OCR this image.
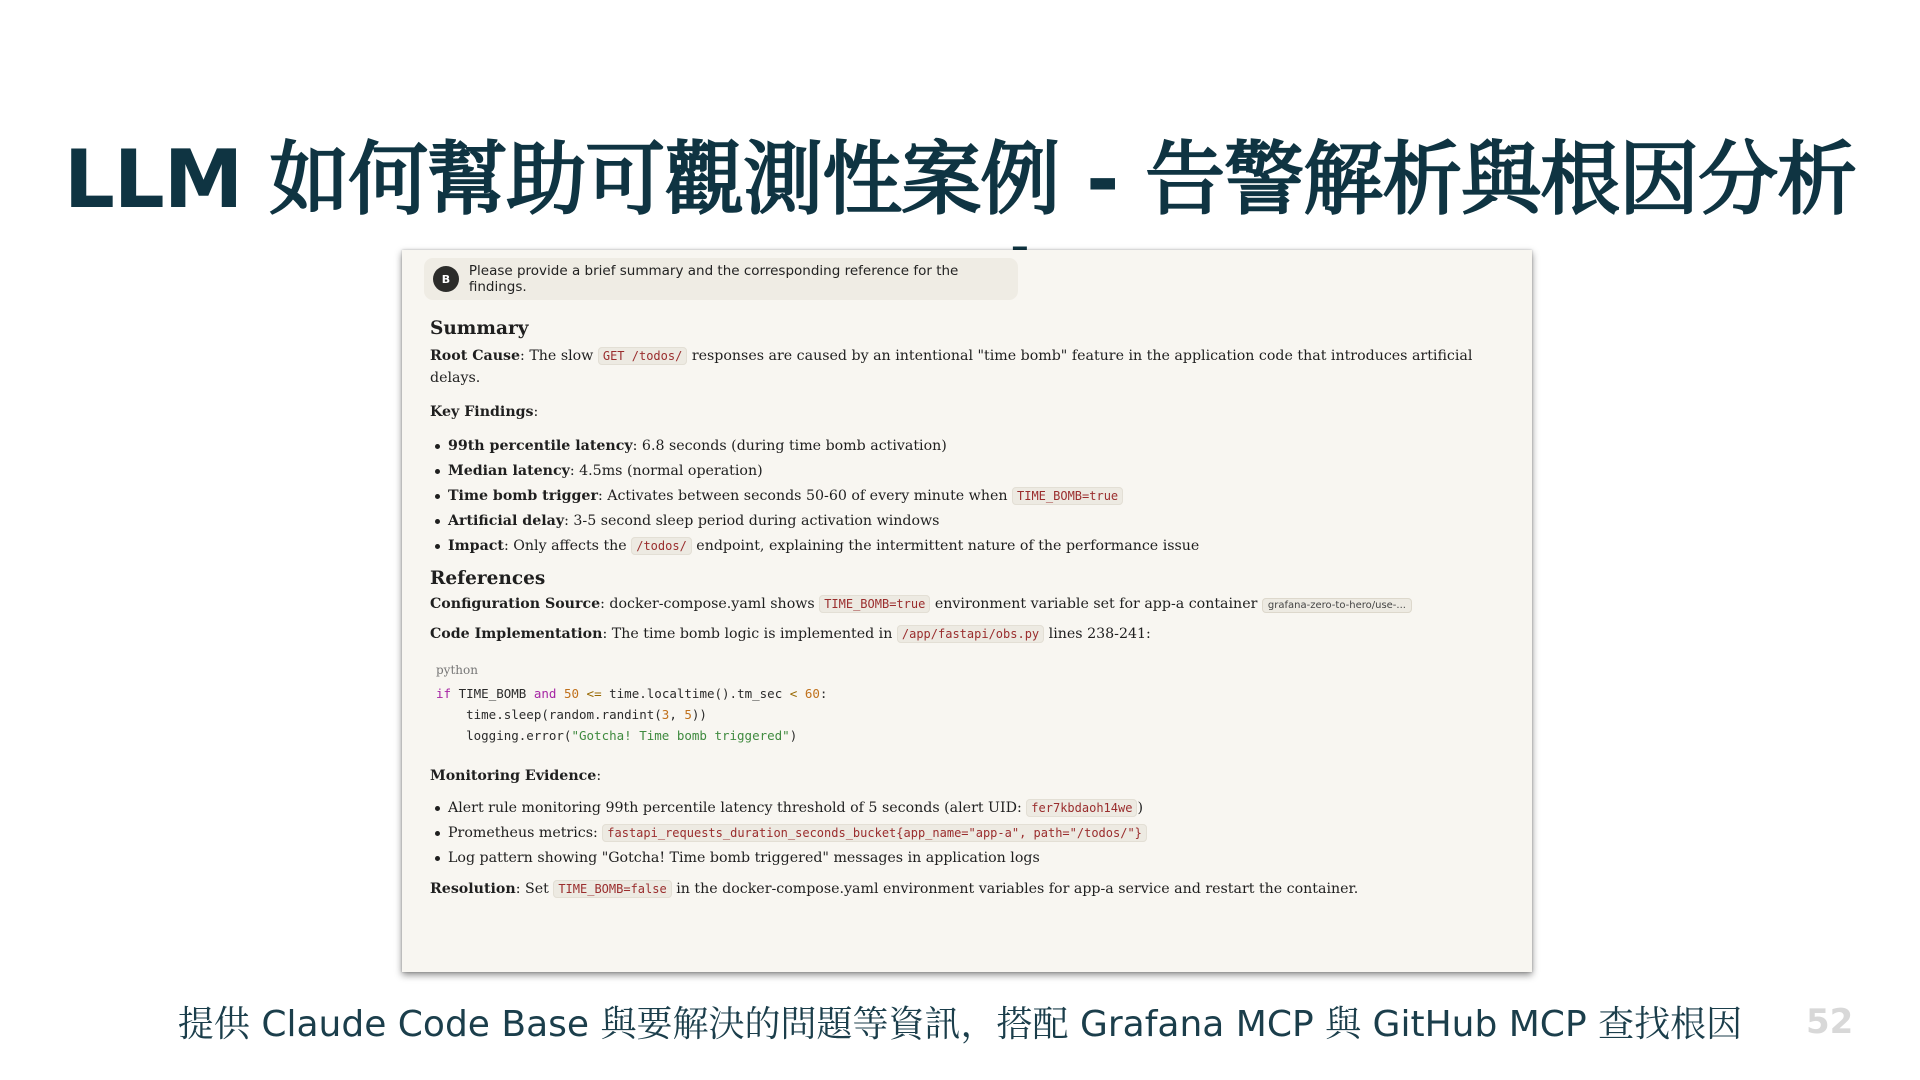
LLM 如何幫助可觀測性案例 - 告警解析與根因分析
B	Please provide a brief summary and the corresponding reference for the findings.

Summary

Root Cause: The slow GET /todos/ responses are caused by an intentional "time bomb" feature in the application code that introduces artificial delays.

Key Findings:

99th percentile latency: 6.8 seconds (during time bomb activation)
Median latency: 4.5ms (normal operation)
Time bomb trigger: Activates between seconds 50-60 of every minute when TIME_BOMB=true
Artificial delay: 3-5 second sleep period during activation windows
Impact: Only affects the /todos/ endpoint, explaining the intermittent nature of the performance issue

References

Configuration Source: docker-compose.yaml shows TIME_BOMB=true environment variable set for app-a container grafana-zero-to-hero/use-...

Code Implementation: The time bomb logic is implemented in /app/fastapi/obs.py lines 238-241:

python
if TIME_BOMB and 50 <= time.localtime().tm_sec < 60:
time.sleep(random.randint(3, 5))
logging.error("Gotcha! Time bomb triggered")

Monitoring Evidence:

Alert rule monitoring 99th percentile latency threshold of 5 seconds (alert UID: fer7kbdaoh14we )
Prometheus metrics: fastapi_requests_duration_seconds_bucket{app_name="app-a", path="/todos/"}
Log pattern showing "Gotcha! Time bomb triggered" messages in application logs

Resolution: Set TIME_BOMB=false in the docker-compose.yaml environment variables for app-a service and restart the container.

提供 Claude Code Base 與要解決的問題等資訊，搭配 Grafana MCP 與 GitHub MCP 查找根因	52
